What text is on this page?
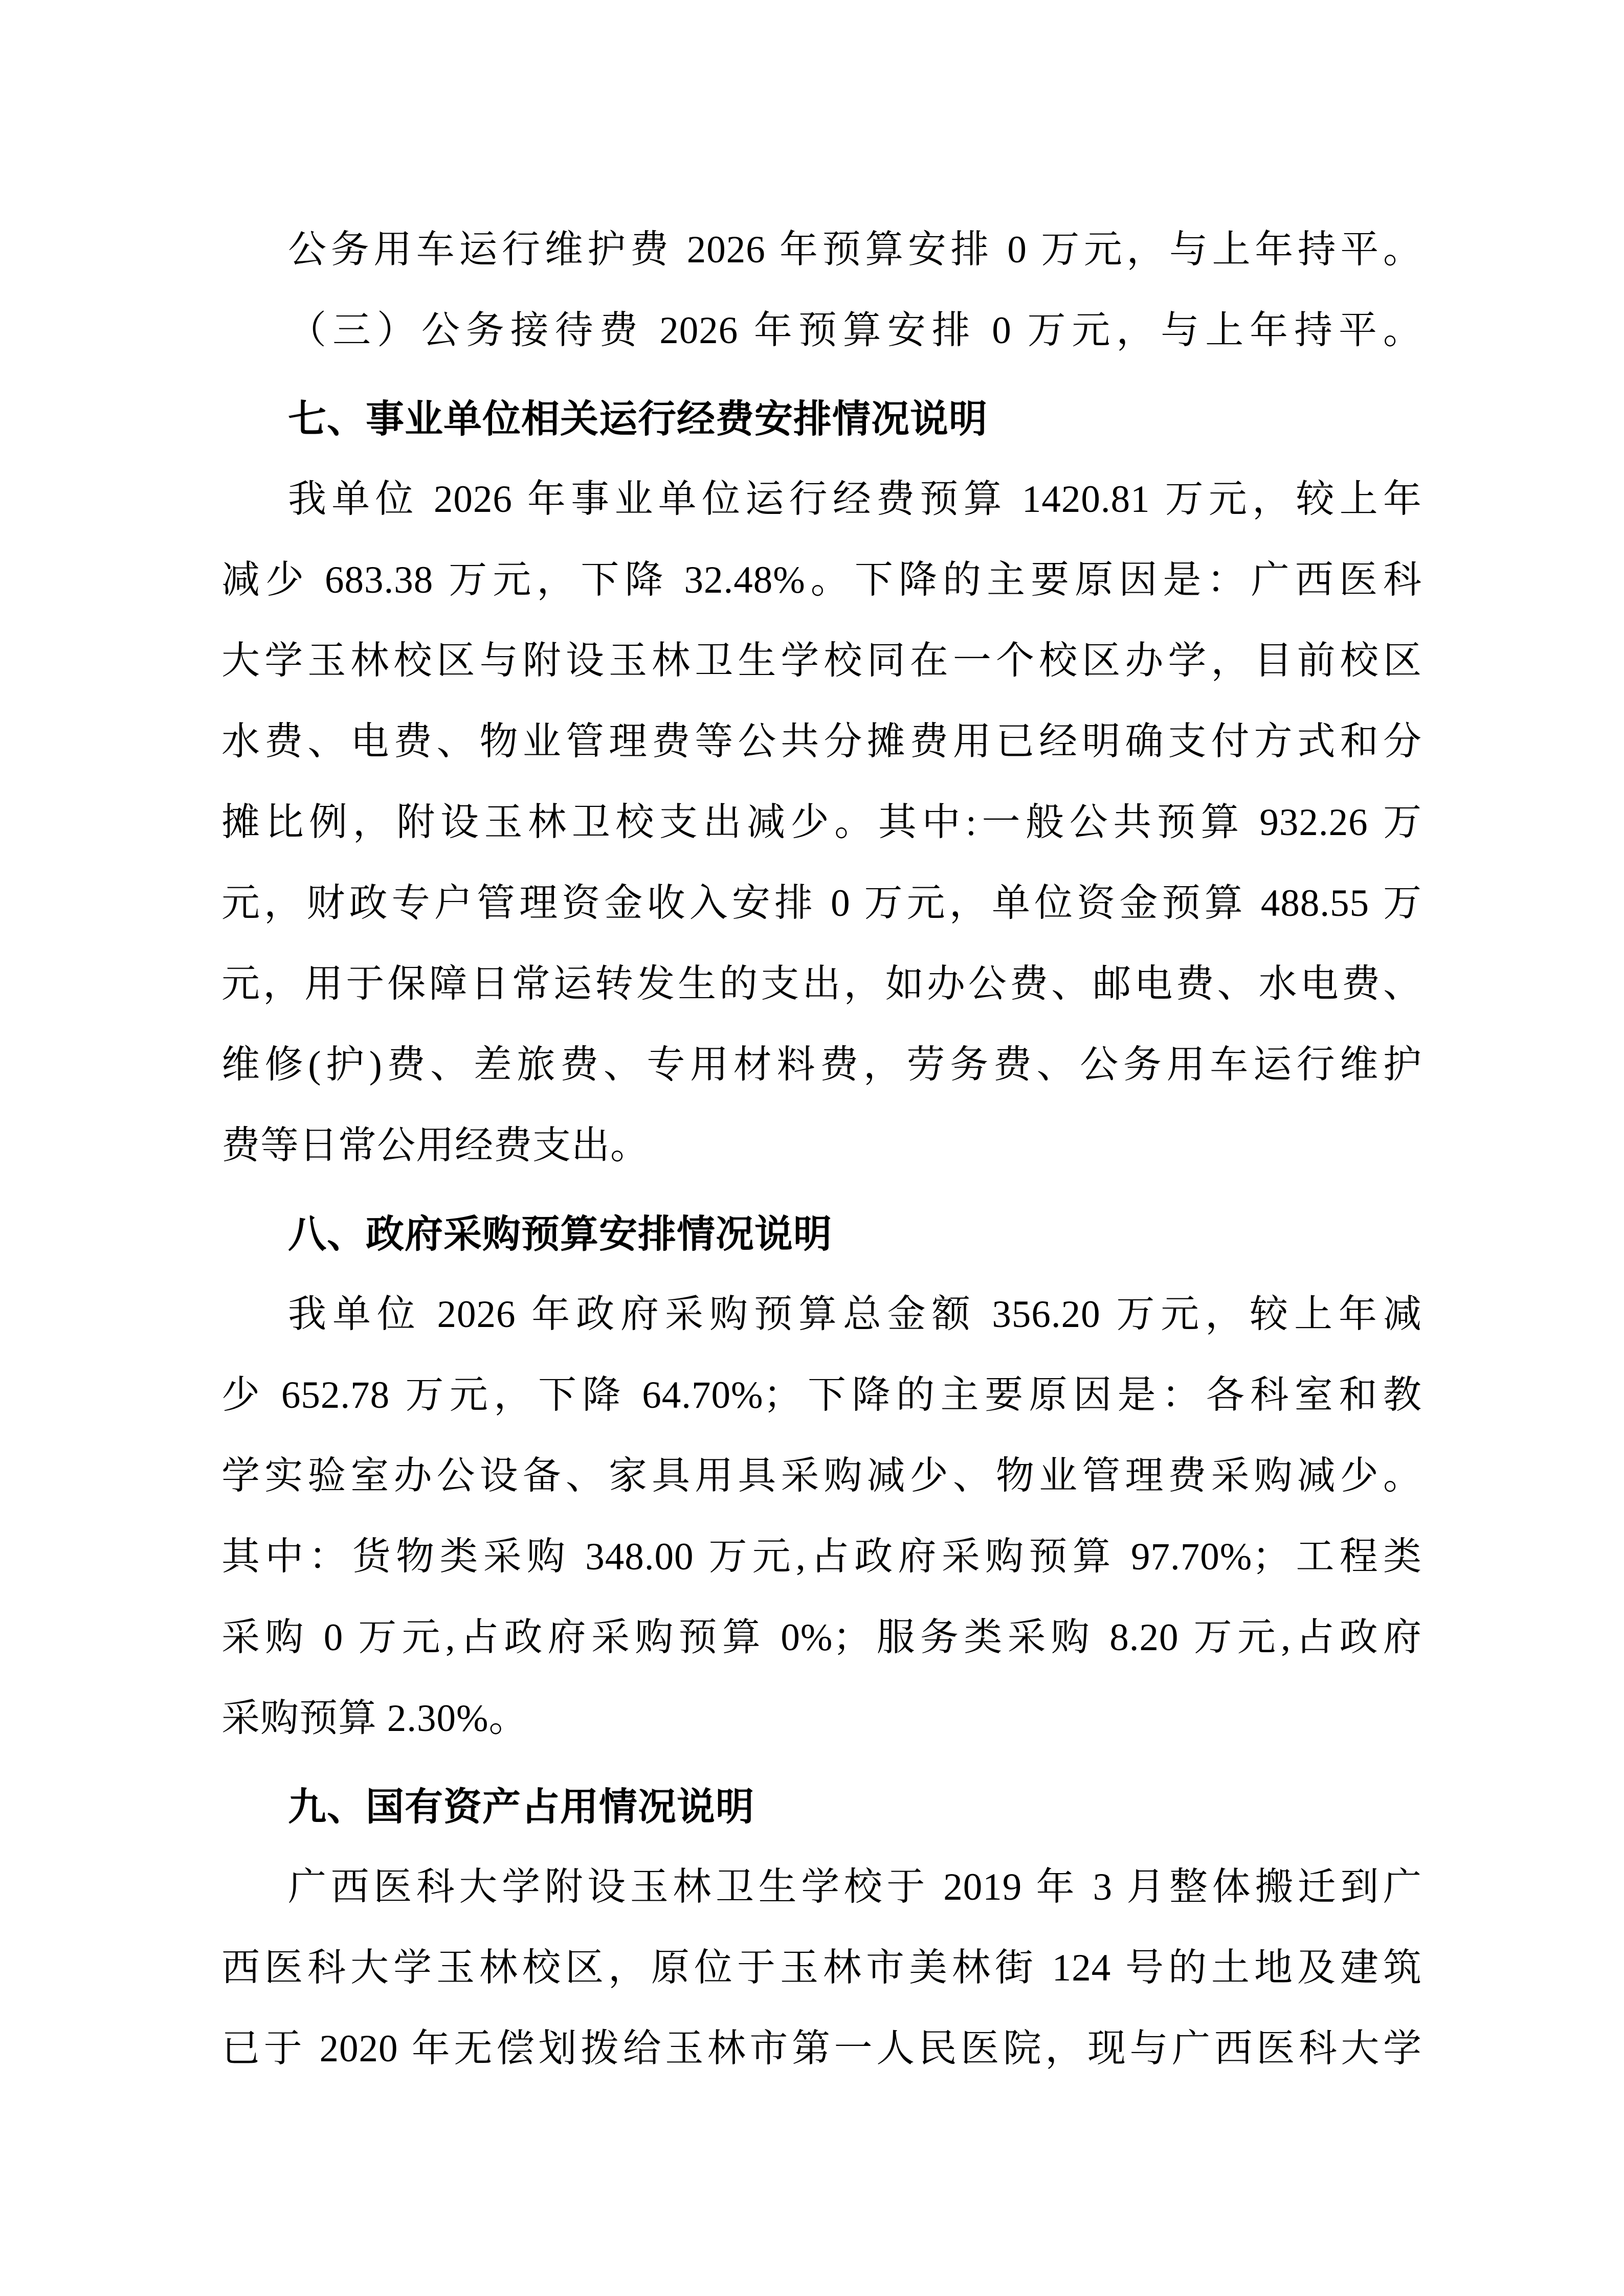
公务用车运行维护费 2026 年预算安排 0 万元，与上年持平。
（三）公务接待费 2026 年预算安排 0 万元，与上年持平。
七、事业单位相关运行经费安排情况说明
我单位 2026 年事业单位运行经费预算 1420.81 万元，较上年
减少 683.38 万元，下降 32.48%。下降的主要原因是：广西医科
大学玉林校区与附设玉林卫生学校同在一个校区办学，目前校区
水费、电费、物业管理费等公共分摊费用已经明确支付方式和分
摊比例，附设玉林卫校支出减少。其中:一般公共预算 932.26 万
元，财政专户管理资金收入安排 0 万元，单位资金预算 488.55 万
元，用于保障日常运转发生的支出，如办公费、邮电费、水电费、
维修(护)费、差旅费、专用材料费，劳务费、公务用车运行维护
费等日常公用经费支出。
八、政府采购预算安排情况说明
我单位 2026 年政府采购预算总金额 356.20 万元，较上年减
少 652.78 万元，下降 64.70%；下降的主要原因是：各科室和教
学实验室办公设备、家具用具采购减少、物业管理费采购减少。
其中：货物类采购 348.00 万元,占政府采购预算 97.70%；工程类
采购 0 万元,占政府采购预算 0%；服务类采购 8.20 万元,占政府
采购预算 2.30%。
九、国有资产占用情况说明
广西医科大学附设玉林卫生学校于 2019 年 3 月整体搬迁到广
西医科大学玉林校区，原位于玉林市美林街 124 号的土地及建筑
已于 2020 年无偿划拨给玉林市第一人民医院，现与广西医科大学
